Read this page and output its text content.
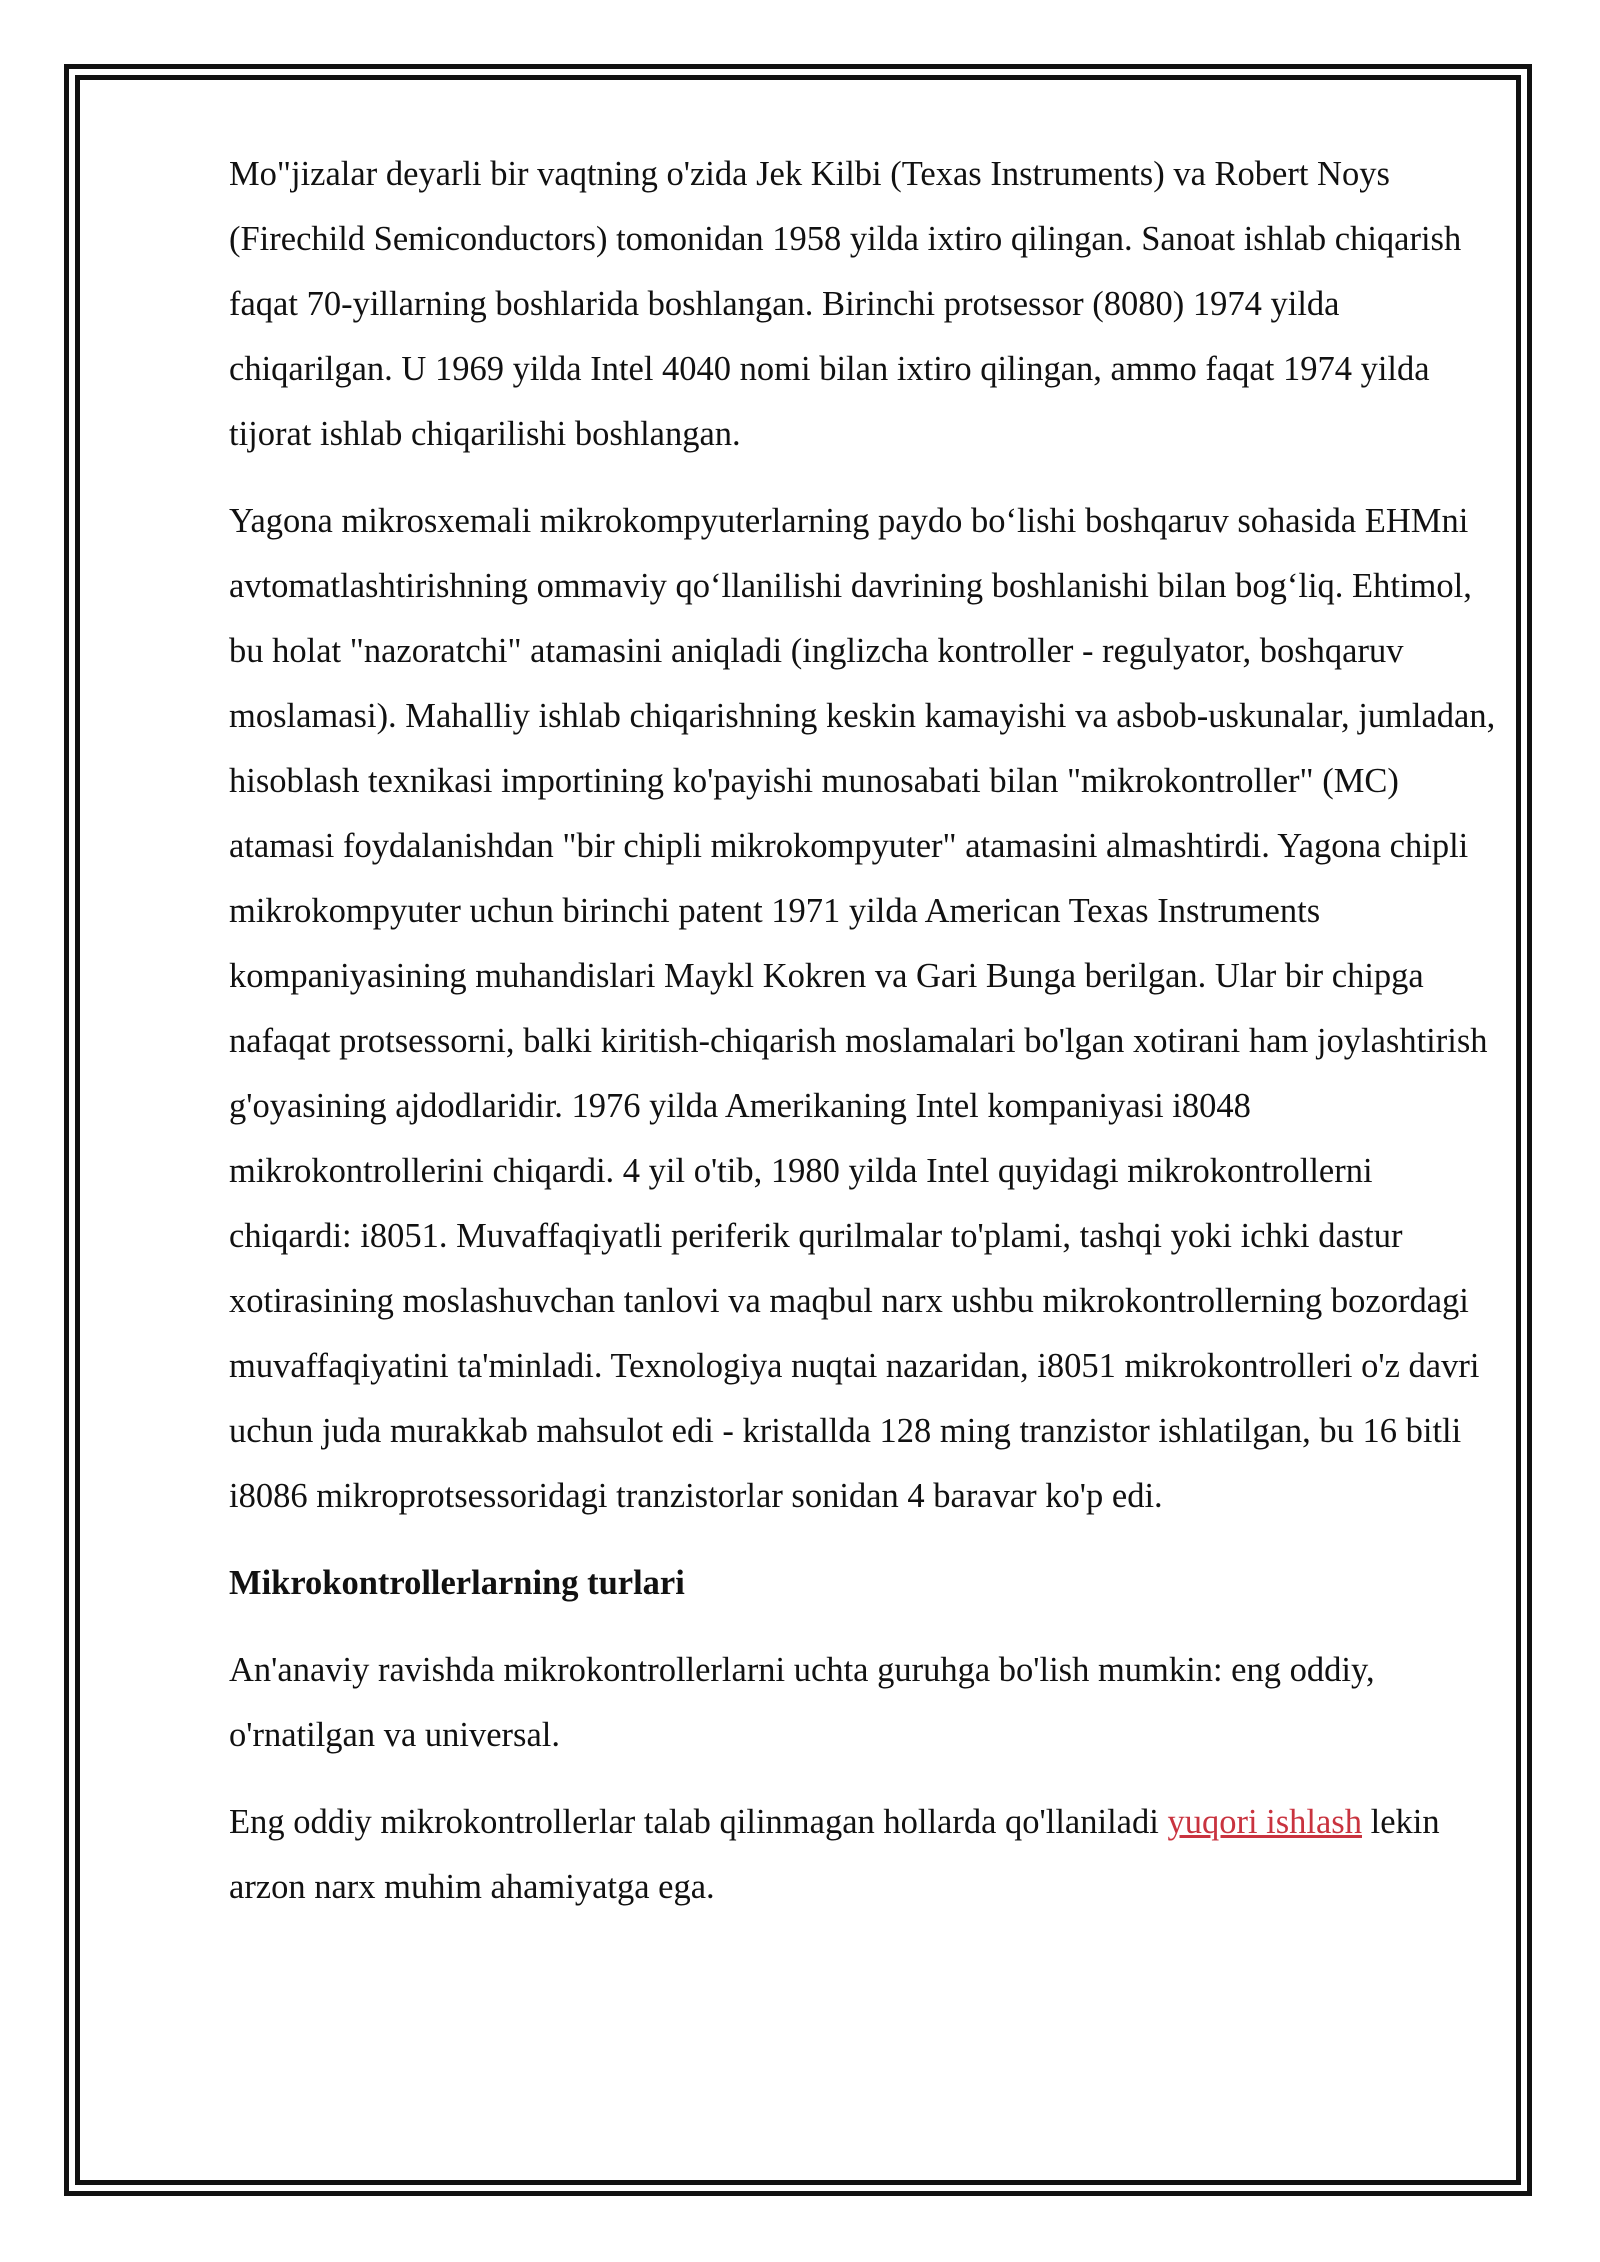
Mo"jizalar deyarli bir vaqtning o'zida Jek Kilbi (Texas Instruments) va Robert Noys (Firechild Semiconductors) tomonidan 1958 yilda ixtiro qilingan. Sanoat ishlab chiqarish faqat 70-yillarning boshlarida boshlangan. Birinchi protsessor (8080) 1974 yilda chiqarilgan. U 1969 yilda Intel 4040 nomi bilan ixtiro qilingan, ammo faqat 1974 yilda tijorat ishlab chiqarilishi boshlangan.

Yagona mikrosxemali mikrokompyuterlarning paydo bo‘lishi boshqaruv sohasida EHMni avtomatlashtirishning ommaviy qo‘llanilishi davrining boshlanishi bilan bog‘liq. Ehtimol, bu holat "nazoratchi" atamasini aniqladi (inglizcha kontroller - regulyator, boshqaruv moslamasi). Mahalliy ishlab chiqarishning keskin kamayishi va asbob-uskunalar, jumladan, hisoblash texnikasi importining ko'payishi munosabati bilan "mikrokontroller" (MC) atamasi foydalanishdan "bir chipli mikrokompyuter" atamasini almashtirdi. Yagona chipli mikrokompyuter uchun birinchi patent 1971 yilda American Texas Instruments kompaniyasining muhandislari Maykl Kokren va Gari Bunga berilgan. Ular bir chipga nafaqat protsessorni, balki kiritish-chiqarish moslamalari bo'lgan xotirani ham joylashtirish g'oyasining ajdodlaridir. 1976 yilda Amerikaning Intel kompaniyasi i8048 mikrokontrollerini chiqardi. 4 yil o'tib, 1980 yilda Intel quyidagi mikrokontrollerni chiqardi: i8051. Muvaffaqiyatli periferik qurilmalar to'plami, tashqi yoki ichki dastur xotirasining moslashuvchan tanlovi va maqbul narx ushbu mikrokontrollerning bozordagi muvaffaqiyatini ta'minladi. Texnologiya nuqtai nazaridan, i8051 mikrokontrolleri o'z davri uchun juda murakkab mahsulot edi - kristallda 128 ming tranzistor ishlatilgan, bu 16 bitli i8086 mikroprotsessoridagi tranzistorlar sonidan 4 baravar ko'p edi.

Mikrokontrollerlarning turlari

An'anaviy ravishda mikrokontrollerlarni uchta guruhga bo'lish mumkin: eng oddiy, o'rnatilgan va universal.

Eng oddiy mikrokontrollerlar talab qilinmagan hollarda qo'llaniladi yuqori ishlash lekin arzon narx muhim ahamiyatga ega.
